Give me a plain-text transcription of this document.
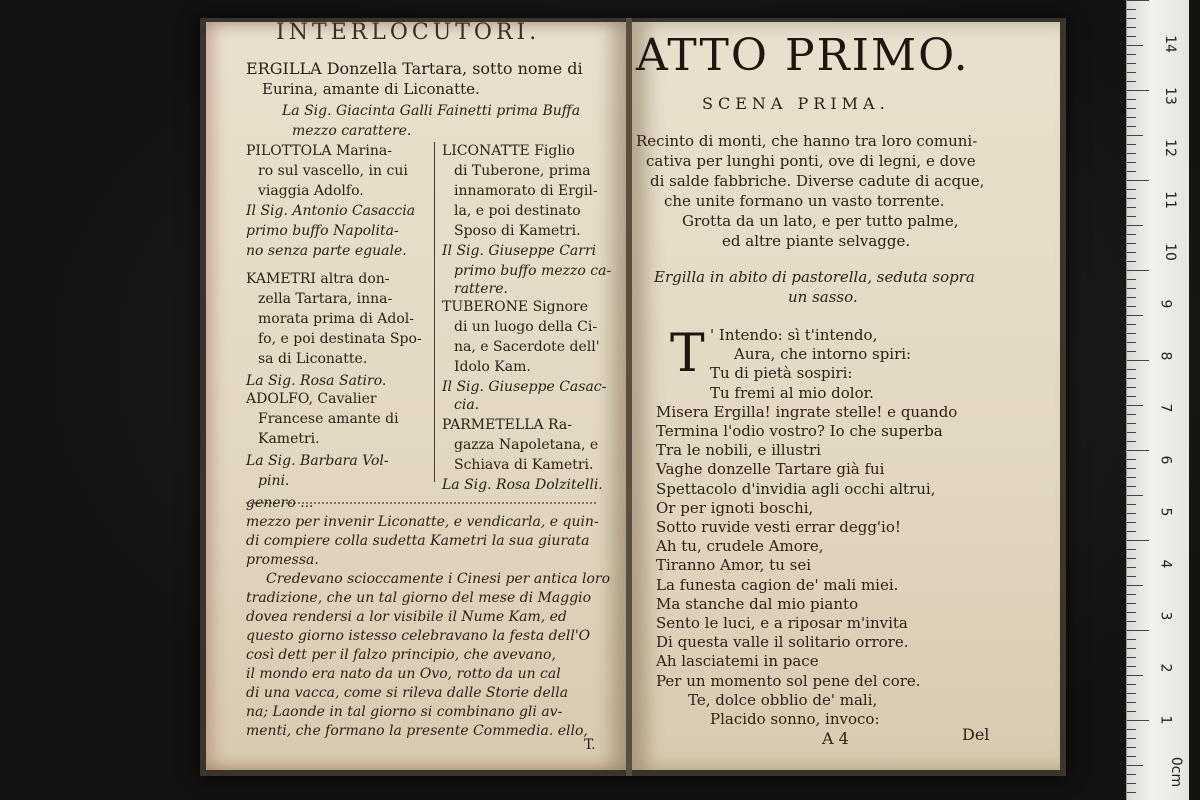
INTERLOCUTORI.
ERGILLA Donzella Tartara, sotto nome di
Eurina, amante di Liconatte.
La Sig. Giacinta Galli Fainetti prima Buffa
mezzo carattere.
PILOTTOLA Marina-
ro sul vascello, in cui
viaggia Adolfo.
Il Sig. Antonio Casaccia
primo buffo Napolita-
no senza parte eguale.
KAMETRI altra don-
zella Tartara, inna-
morata prima di Adol-
fo, e poi destinata Spo-
sa di Liconatte.
La Sig. Rosa Satiro.
ADOLFO, Cavalier
Francese amante di
Kametri.
La Sig. Barbara Vol-
pini.
LICONATTE Figlio
di Tuberone, prima
innamorato di Ergil-
la, e poi destinato
Sposo di Kametri.
Il Sig. Giuseppe Carri
primo buffo mezzo ca-
rattere.
TUBERONE Signore
di un luogo della Ci-
na, e Sacerdote dell'
Idolo Kam.
Il Sig. Giuseppe Casac-
cia.
PARMETELLA Ra-
gazza Napoletana, e
Schiava di Kametri.
La Sig. Rosa Dolzitelli.
genero ...
mezzo per invenir Liconatte, e vendicarla, e quin-
di compiere colla sudetta Kametri la sua giurata
promessa.
Credevano scioccamente i Cinesi per antica loro
tradizione, che un tal giorno del mese di Maggio
dovea rendersi a lor visibile il Nume Kam, ed
questo giorno istesso celebravano la festa dell'O
così dett per il falzo principio, che avevano,
il mondo era nato da un Ovo, rotto da un cal
di una vacca, come si rileva dalle Storie della
na; Laonde in tal giorno si combinano gli av-
menti, che formano la presente Commedia. ello,
T.
ATTO PRIMO.
SCENA PRIMA.
Recinto di monti, che hanno tra loro comuni-
cativa per lunghi ponti, ove di legni, e dove
di salde fabbriche. Diverse cadute di acque,
che unite formano un vasto torrente.
Grotta da un lato, e per tutto palme,
ed altre piante selvagge.
Ergilla in abito di pastorella, seduta sopra
un sasso.
T ' Intendo: sì t'intendo,
Aura, che intorno spiri:
Tu di pietà sospiri:
Tu fremi al mio dolor.
Misera Ergilla! ingrate stelle! e quando
Termina l'odio vostro? Io che superba
Tra le nobili, e illustri
Vaghe donzelle Tartare già fui
Spettacolo d'invidia agli occhi altrui,
Or per ignoti boschi,
Sotto ruvide vesti errar degg'io!
Ah tu, crudele Amore,
Tiranno Amor, tu sei
La funesta cagion de' mali miei.
Ma stanche dal mio pianto
Sento le luci, e a riposar m'invita
Di questa valle il solitario orrore.
Ah lasciatemi in pace
Per un momento sol pene del core.
Te, dolce obblio de' mali,
Placido sonno, invoco:
A 4	Del
14
13
12
11
10
9
8
7
6
5
4
3
2
1
0cm
